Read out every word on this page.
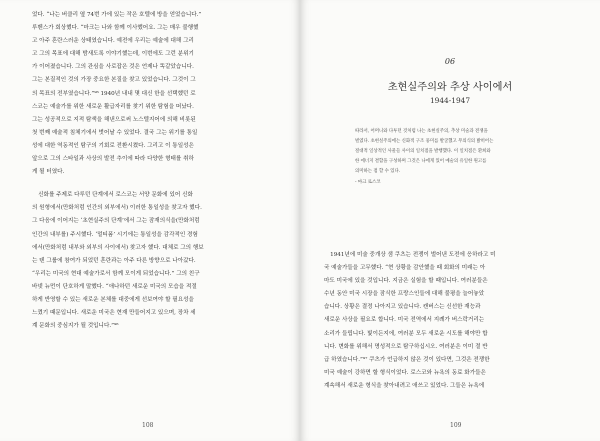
었다. “나는 버클리 옆 74번 가에 있는 작은 호텔에 방을 얻었습니다.”
루벤스가 회상했다. “마크는 나와 함께 이사했어요. 그는 매우 불행했
고 아주 혼란스러운 상태였습니다. 예전에 우리는 예술에 대해 그리
고 그의 목표에 대해 밤새도록 이야기했는데, 이번에도 그런 분위기
가 이어졌습니다. 그의 관심을 사로잡은 것은 언제나 똑같았습니다.
그는 본질적인 것의 가장 중요한 본질을 찾고 있었습니다. 그것이 그
의 목표의 전부였습니다.”⁹⁶ 1940년 내내 몇 대신 한을 선택했던 로
스코는 예술가를 위한 새로운 활급자리를 찾기 위한 탐험을 떠났다.
그는 성공적으로 지적 탐색을 해낸으로써 노스텔지어에 의해 비롯된
첫 번째 예술적 침체기에서 벗어날 수 있었다. 결국 그는 위기를 통일
성에 대한 역동적인 탐구의 기회로 전환시켰다. 그리고 이 통일성은
앞으로 그의 스타일과 사상의 발전 추이에 따라 다양한 형태를 취하
게 될 터였다.
신화를 주제로 다루던 단계에서 로스코는 서양 문화에 있어 신화
의 원형에서(만화처럼 인간의 외부에서) 이러한 통일성을 찾고자 했다.
그 다음에 이어지는 ‘초현실주의 단계’에서 그는 잠재의식을(만화처럼
인간의 내부를) 주시했다. ‘멀티폼’ 시기에는 통일성을 감각적인 경험
에서(만화처럼 내부와 외부의 사이에서) 찾고자 했다. 대체로 그의 행보
는 텐 그룹에 참여가 되었던 혼란과는 아주 다른 방향으로 나아갔다.
“우리는 미국의 현대 예술가로서 함께 모이게 되었습니다.” 그의 친구
바넷 뉴먼이 단호하게 말했다. “애나하던 새로운 미국의 모습을 적절
하게 반영할 수 있는 새로운 본체를 대중에게 선보여야 할 필요성을
느꼈기 때문입니다. 새로운 미국은 현재 만들어지고 있으며, 장차 세
계 문화의 중심지가 될 것입니다.”⁹⁶
108
06
초현실주의와 추상 사이에서
1944-1947

따라서, 어머니와 다투던 것처럼 나는 초현실주의, 추상 미술과 전쟁을
벌였다. 초현실주의에는 신화적 구조 풍미를 발굴했고 무의식의 밝히어는
절대적 일상적인 사물들 사이의 일치점을 발행했다. 이 일치점은 환희와
한 에너지 결합을 구성하며 그것은 나에게 있어 예술의 유일한 원고를
의미하는 점 할 수 있다.

- 마크 로스코

1941년에 미술 중개상 샘 쿠츠는 전쟁이 벌어낸 도전에 응하라고 미
국 예술가들을 고무했다. “현 상황을 감안했을 때 회화의 미래는 아
마도 미국에 있을 것입니다. 지금은 실험을 할 때입니다. 여러분들은
수년 동안 미국 시장을 잠식한 프랑스인들에 대해 불평을 늘어놓았
습니다. 상황은 결정 나아지고 있습니다. 캔버스는 신선한 재능과
새로운 사상을 필요로 합니다. 미국 전역에서 지례가 버스락거리는
소리가 들립니다. 빛이든지에, 여러분 모두 새로운 시도를 해야만 합
니다. 변화를 위해서 명성적으로 탐구하십시오. 여러분은 이미 절 반
급 하였습니다.”⁹⁷ 쿠츠가 언급하지 않은 것이 있다면, 그것은 전쟁한
미국 예술이 강하면 할 형식이었다. 로스코와 뉴욕의 동료 화가들은
계속해서 새로운 형식을 찾아내려고 애쓰고 있었다. 그들은 뉴욕에
109
